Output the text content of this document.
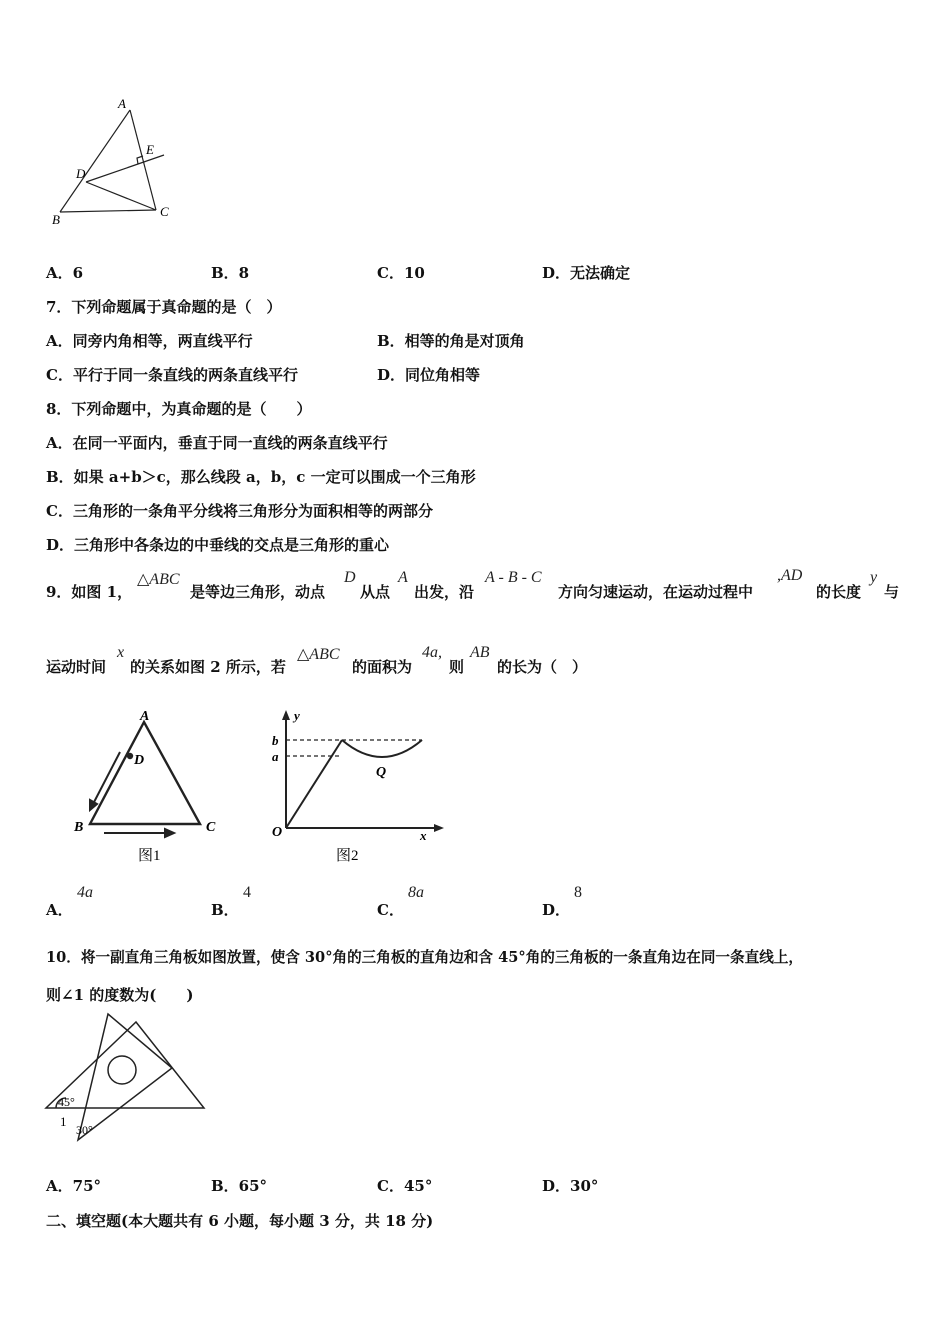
A
E
D
B
C
A．6	B．8	C．10	D．无法确定
7．下列命题属于真命题的是（　）
A．同旁内角相等，两直线平行	B．相等的角是对顶角
C．平行于同一条直线的两条直线平行	D．同位角相等
8．下列命题中，为真命题的是（　　）
A．在同一平面内，垂直于同一直线的两条直线平行
B．如果 a+b＞c，那么线段 a，b，c 一定可以围成一个三角形
C．三角形的一条角平分线将三角形分为面积相等的两部分
D．三角形中各条边的中垂线的交点是三角形的重心
9．如图 1，
△ABC
是等边三角形，动点
D
从点
A
出发，沿
A - B - C
方向匀速运动，在运动过程中
,AD
的长度
y
与
运动时间
x
的关系如图 2 所示，若
△ABC
的面积为
4a,
则
AB
的长为（　）
A
D
B	C
图1
y
b
a
Q
O	x
图2
A．
4a
B．
4
C．
8a
D．
8
10．将一副直角三角板如图放置，使含 30°角的三角板的直角边和含 45°角的三角板的一条直角边在同一条直线上，
则∠1 的度数为(　　)
45°
1
30°
A．75°	B．65°	C．45°	D．30°
二、填空题(本大题共有 6 小题，每小题 3 分，共 18 分)
